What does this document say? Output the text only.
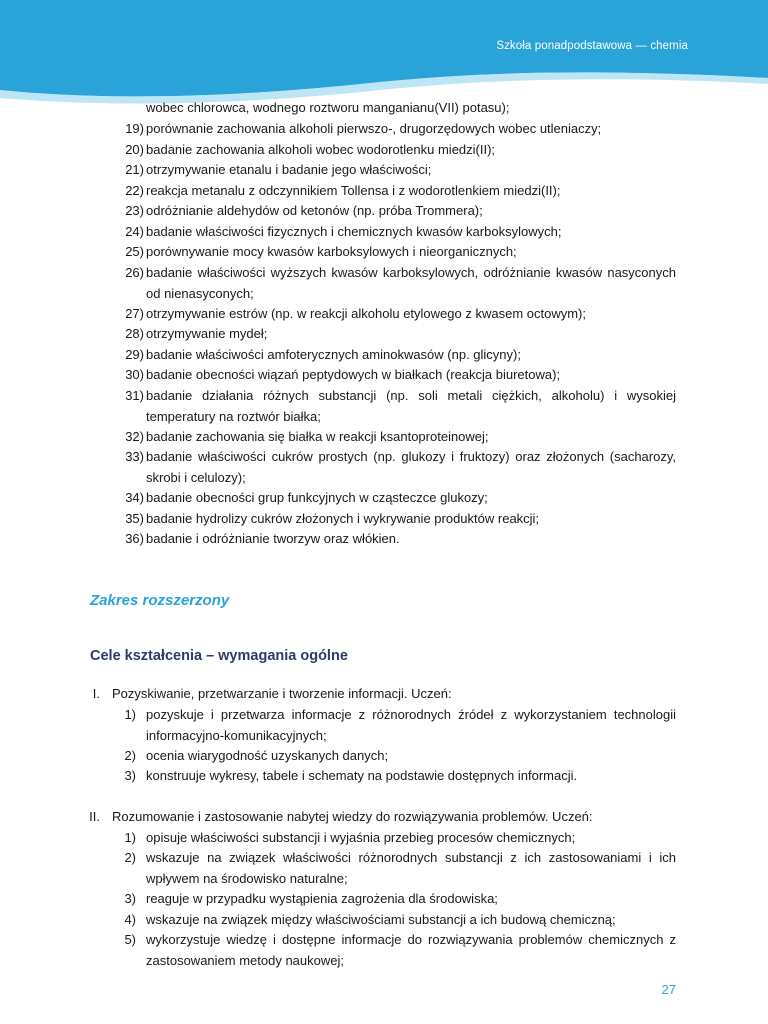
Szkoła ponadpodstawowa — chemia
wobec chlorowca, wodnego roztworu manganianu(VII) potasu);
19) porównanie zachowania alkoholi pierwszo-, drugorzędowych wobec utleniaczy;
20) badanie zachowania alkoholi wobec wodorotlenku miedzi(II);
21) otrzymywanie etanalu i badanie jego właściwości;
22) reakcja metanalu z odczynnikiem Tollensa i z wodorotlenkiem miedzi(II);
23) odróżnianie aldehydów od ketonów (np. próba Trommera);
24) badanie właściwości fizycznych i chemicznych kwasów karboksylowych;
25) porównywanie mocy kwasów karboksylowych i nieorganicznych;
26) badanie właściwości wyższych kwasów karboksylowych, odróżnianie kwasów nasyconych od nienasyconych;
27) otrzymywanie estrów (np. w reakcji alkoholu etylowego z kwasem octowym);
28) otrzymywanie mydeł;
29) badanie właściwości amfoterycznych aminokwasów (np. glicyny);
30) badanie obecności wiązań peptydowych w białkach (reakcja biuretowa);
31) badanie działania różnych substancji (np. soli metali ciężkich, alkoholu) i wysokiej temperatury na roztwór białka;
32) badanie zachowania się białka w reakcji ksantoproteinowej;
33) badanie właściwości cukrów prostych (np. glukozy i fruktozy) oraz złożonych (sacharozy, skrobi i celulozy);
34) badanie obecności grup funkcyjnych w cząsteczce glukozy;
35) badanie hydrolizy cukrów złożonych i wykrywanie produktów reakcji;
36) badanie i odróżnianie tworzyw oraz włókien.
Zakres rozszerzony
Cele kształcenia – wymagania ogólne
I. Pozyskiwanie, przetwarzanie i tworzenie informacji. Uczeń:
1) pozyskuje i przetwarza informacje z różnorodnych źródeł z wykorzystaniem technologii informacyjno-komunikacyjnych;
2) ocenia wiarygodność uzyskanych danych;
3) konstruuje wykresy, tabele i schematy na podstawie dostępnych informacji.
II. Rozumowanie i zastosowanie nabytej wiedzy do rozwiązywania problemów. Uczeń:
1) opisuje właściwości substancji i wyjaśnia przebieg procesów chemicznych;
2) wskazuje na związek właściwości różnorodnych substancji z ich zastosowaniami i ich wpływem na środowisko naturalne;
3) reaguje w przypadku wystąpienia zagrożenia dla środowiska;
4) wskazuje na związek między właściwościami substancji a ich budową chemiczną;
5) wykorzystuje wiedzę i dostępne informacje do rozwiązywania problemów chemicznych z zastosowaniem metody naukowej;
27
